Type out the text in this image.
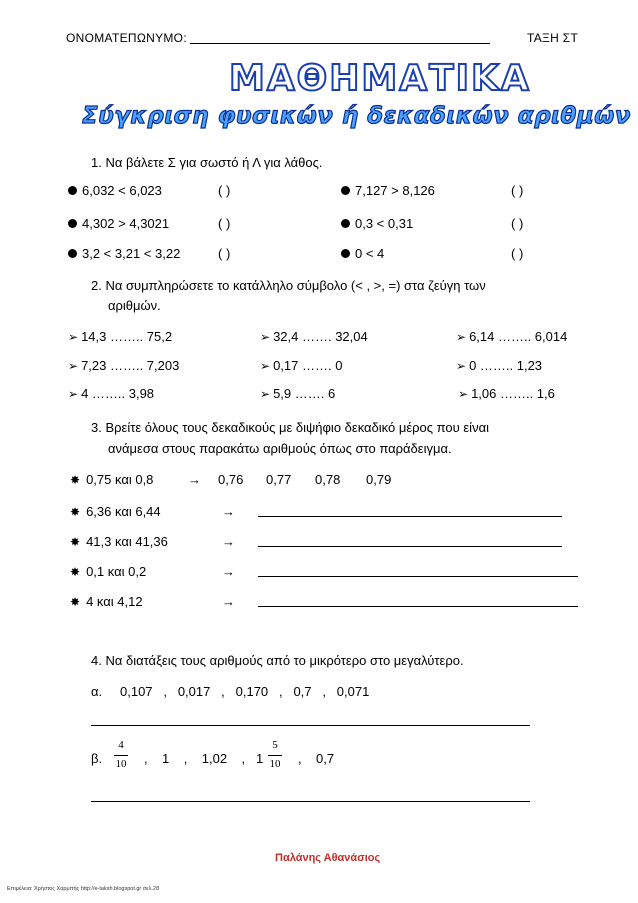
ΟΝΟΜΑΤΕΠΩΝΥΜΟ:	ΤΑΞΗ ΣΤ
ΜΑΘΗΜΑΤΙΚΑ
Σύγκριση φυσικών ή δεκαδικών αριθμών
1. Να βάλετε Σ για σωστό ή Λ για λάθος.
6,032 < 6,023	( )	7,127 > 8,126	( )
4,302 > 4,3021	( )	0,3 < 0,31	( )
3,2 < 3,21 < 3,22	( )	0 < 4	( )
2. Να συμπληρώσετε το κατάλληλο σύμβολο (< , >, =) στα ζεύγη των
αριθμών.
➢ 14,3 …….. 75,2	➢ 32,4 ……. 32,04	➢ 6,14 …….. 6,014
➢ 7,23 …….. 7,203	➢ 0,17 ……. 0	➢ 0 …….. 1,23
➢ 4 …….. 3,98	➢ 5,9 ……. 6	➢ 1,06 …….. 1,6
3. Βρείτε όλους τους δεκαδικούς με διψήφιο δεκαδικό μέρος που είναι
ανάμεσα στους παρακάτω αριθμούς όπως στο παράδειγμα.
✸ 0,75 και 0,8	→ 0,76 0,77 0,78 0,79
✸ 6,36 και 6,44	→
✸ 41,3 και 41,36	→
✸ 0,1 και 0,2	→
✸ 4 και 4,12	→
4. Να διατάξεις τους αριθμούς από το μικρότερο στο μεγαλύτερο.
α. 0,107   ,   0,017   ,   0,170   ,   0,7   ,   0,071
β.
4
10	,    1    ,    1,02    ,   1
5
10	,    0,7
Παλάνης Αθανάσιος
Επιμέλεια: Χρήστος Χαρμπής http://e-taksh.blogspot.gr σελ.28
